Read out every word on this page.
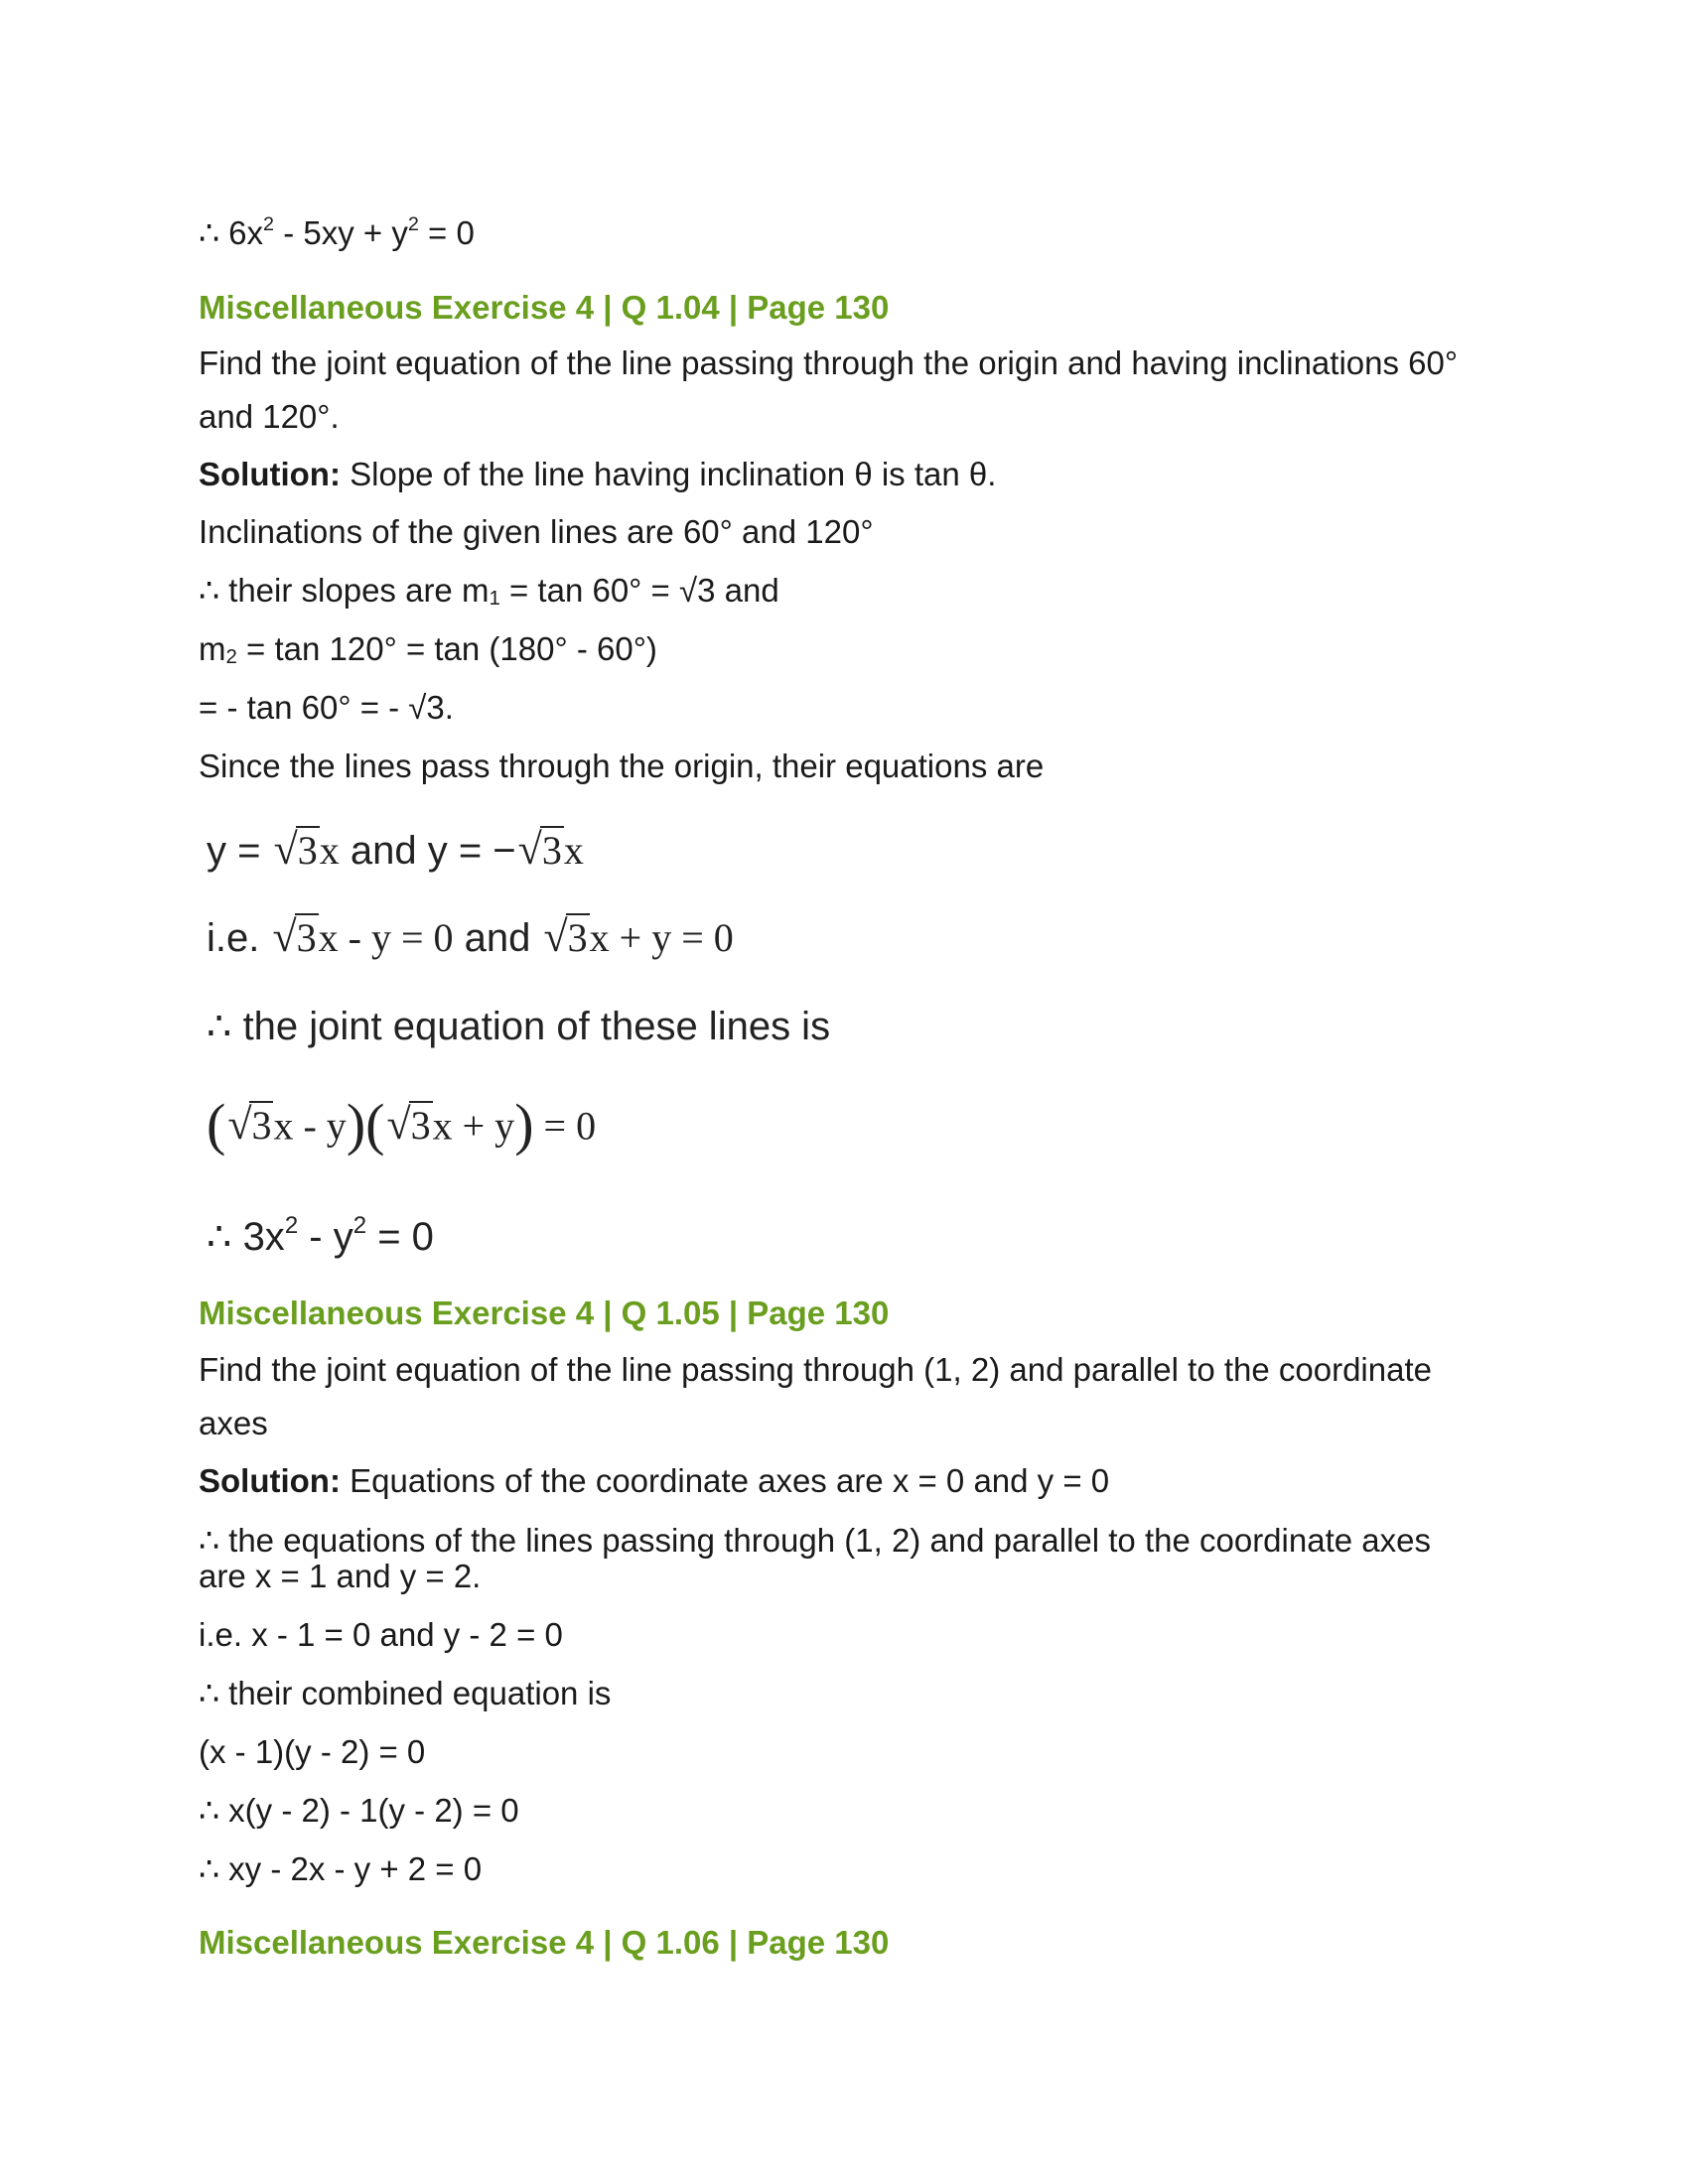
∴ $6x^2 - 5xy + y^2 = 0$
Miscellaneous Exercise 4 | Q 1.04 | Page 130
Find the joint equation of the line passing through the origin and having inclinations 60°
and 120°.
Solution: Slope of the line having inclination θ is tan θ.
Inclinations of the given lines are 60° and 120°
∴ their slopes are $m_1 = \tan 60^\circ = √3$ and
$m_2 = \tan 120^\circ = \tan (180^\circ - 60^\circ)$
= - tan 60° = - √3.
Since the lines pass through the origin, their equations are
y = √3x and y = −√3x
i.e. √3x - y = 0 and √3x + y = 0
∴ the joint equation of these lines is
(√3x - y)(√3x + y) = 0
∴ $3x^2 - y^2 = 0$
Miscellaneous Exercise 4 | Q 1.05 | Page 130
Find the joint equation of the line passing through (1, 2) and parallel to the coordinate
axes
Solution: Equations of the coordinate axes are x = 0 and y = 0
∴ the equations of the lines passing through (1, 2) and parallel to the coordinate axes
are x = 1 and y = 2.
i.e. x - 1 = 0 and y - 2 = 0
∴ their combined equation is
(x - 1)(y - 2) = 0
∴ x(y - 2) - 1(y - 2) = 0
∴ xy - 2x - y + 2 = 0
Miscellaneous Exercise 4 | Q 1.06 | Page 130
